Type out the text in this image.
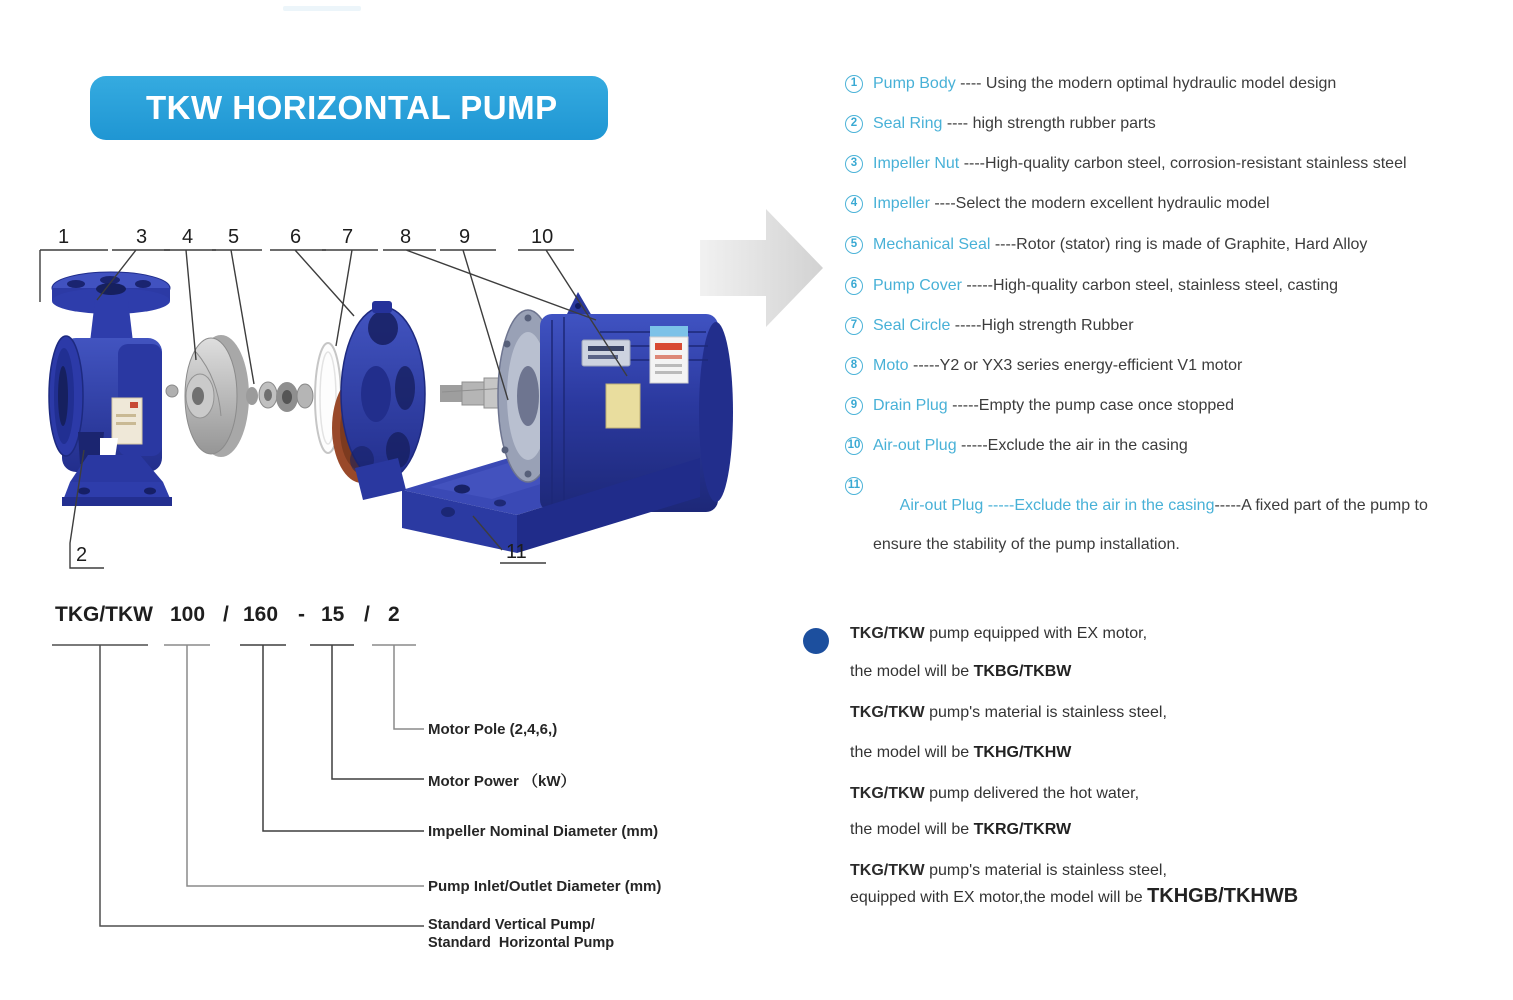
TKW HORIZONTAL PUMP
1	3 4 5	6 7 8 9	10
2	11
1 Pump Body ---- Using the modern optimal hydraulic model design
2 Seal Ring ---- high strength rubber parts
3 Impeller Nut ----High-quality carbon steel, corrosion-resistant stainless steel
4 Impeller ----Select the modern excellent hydraulic model
5 Mechanical Seal ----Rotor (stator) ring is made of Graphite, Hard Alloy
6 Pump Cover -----High-quality carbon steel, stainless steel, casting
7 Seal Circle -----High strength Rubber
8 Moto -----Y2 or YX3 series energy-efficient V1 motor
9 Drain Plug -----Empty the pump case once stopped
10 Air-out Plug -----Exclude the air in the casing
11

Air-out Plug -----Exclude the air in the casing-----A fixed part of the pump to

ensure the stability of the pump installation.

TKG/TKW 100 / 160 - 15 / 2
Motor Pole (2,4,6,)
Motor Power （kW）
Impeller Nominal Diameter (mm)
Pump Inlet/Outlet Diameter (mm)
Standard Vertical Pump/
Standard  Horizontal Pump
TKG/TKW pump equipped with EX motor,
the model will be TKBG/TKBW
TKG/TKW pump's material is stainless steel,
the model will be TKHG/TKHW
TKG/TKW pump delivered the hot water,
the model will be TKRG/TKRW
TKG/TKW pump's material is stainless steel,
equipped with EX motor,the model will be TKHGB/TKHWB
